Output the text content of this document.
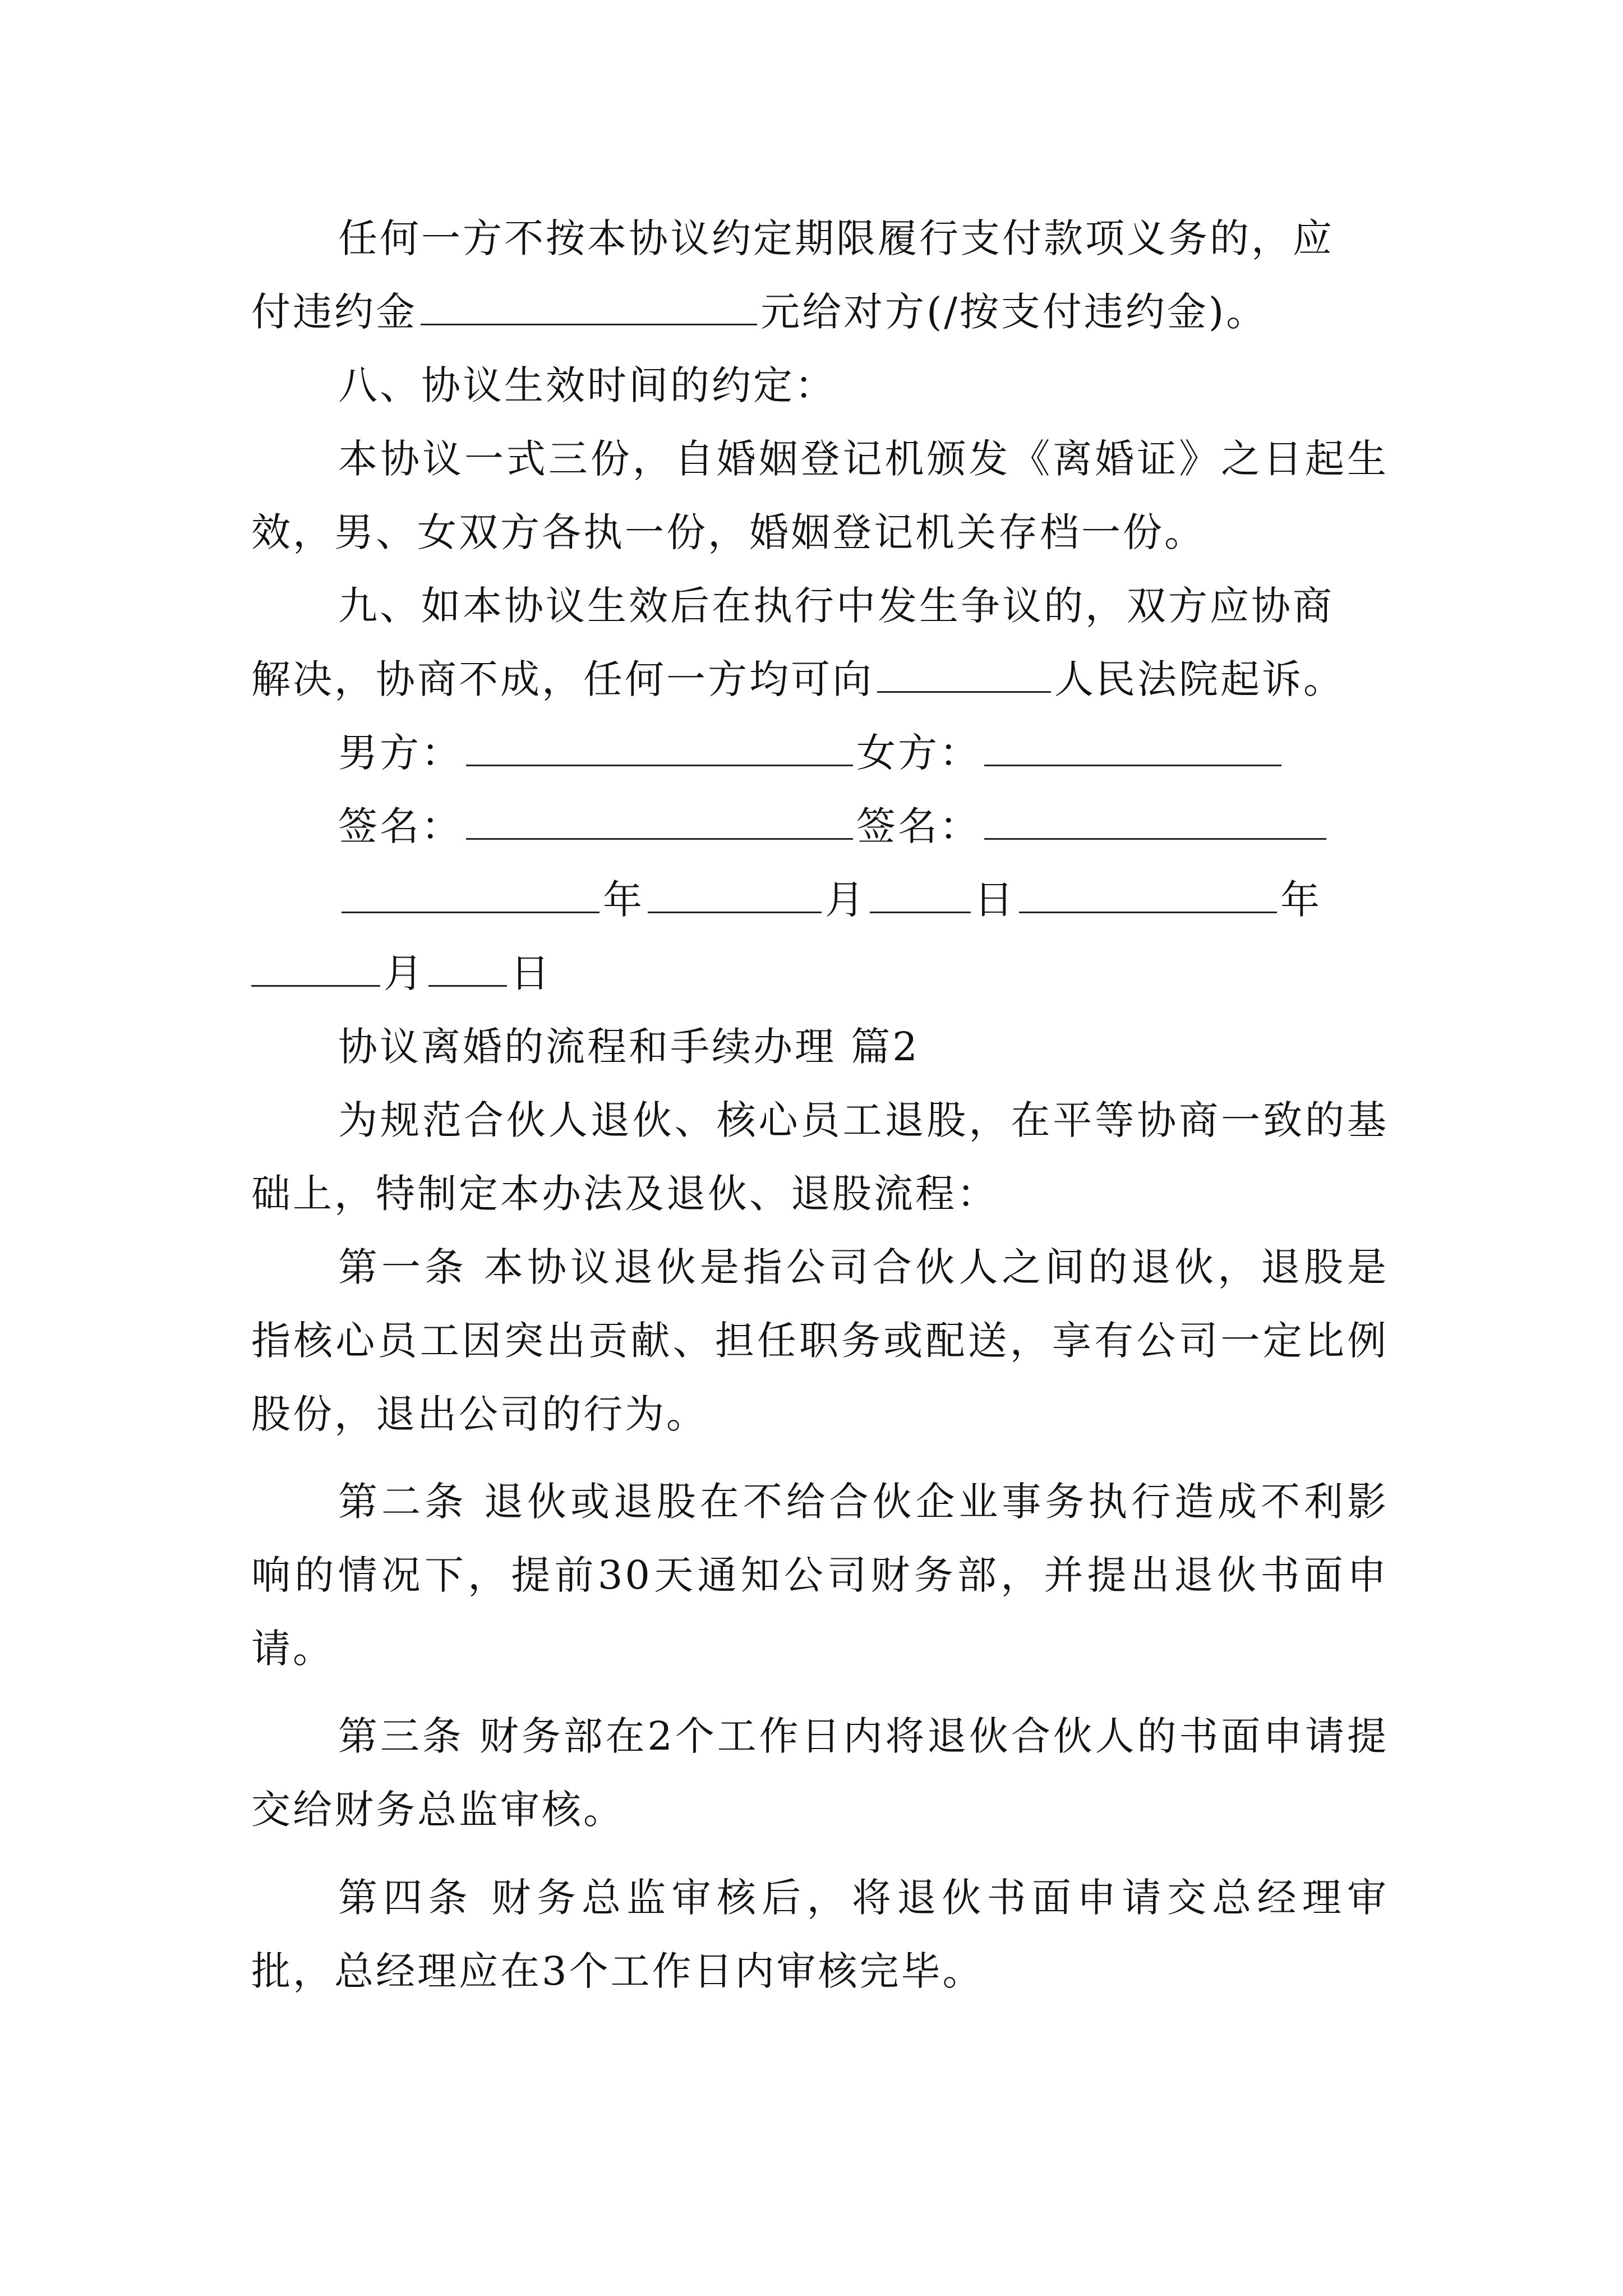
任何一方不按本协议约定期限履行支付款项义务的，应
付违约金	元给对方(/按支付违约金)。
八、协议生效时间的约定：

本协议一式三份，自婚姻登记机颁发《离婚证》之日起生效，男、女双方各执一份，婚姻登记机关存档一份。

九、如本协议生效后在执行中发生争议的，双方应协商
解决，协商不成，任何一方均可向	人民法院起诉。
男方：	女方：
签名：	签名：
年	月	日	年
月 日
协议离婚的流程和手续办理 篇2

为规范合伙人退伙、核心员工退股，在平等协商一致的基础上，特制定本办法及退伙、退股流程：

第一条 本协议退伙是指公司合伙人之间的退伙，退股是指核心员工因突出贡献、担任职务或配送，享有公司一定比例股份，退出公司的行为。

第二条 退伙或退股在不给合伙企业事务执行造成不利影响的情况下，提前30天通知公司财务部，并提出退伙书面申请。

第三条 财务部在2个工作日内将退伙合伙人的书面申请提交给财务总监审核。

第四条 财务总监审核后，将退伙书面申请交总经理审批，总经理应在3个工作日内审核完毕。
